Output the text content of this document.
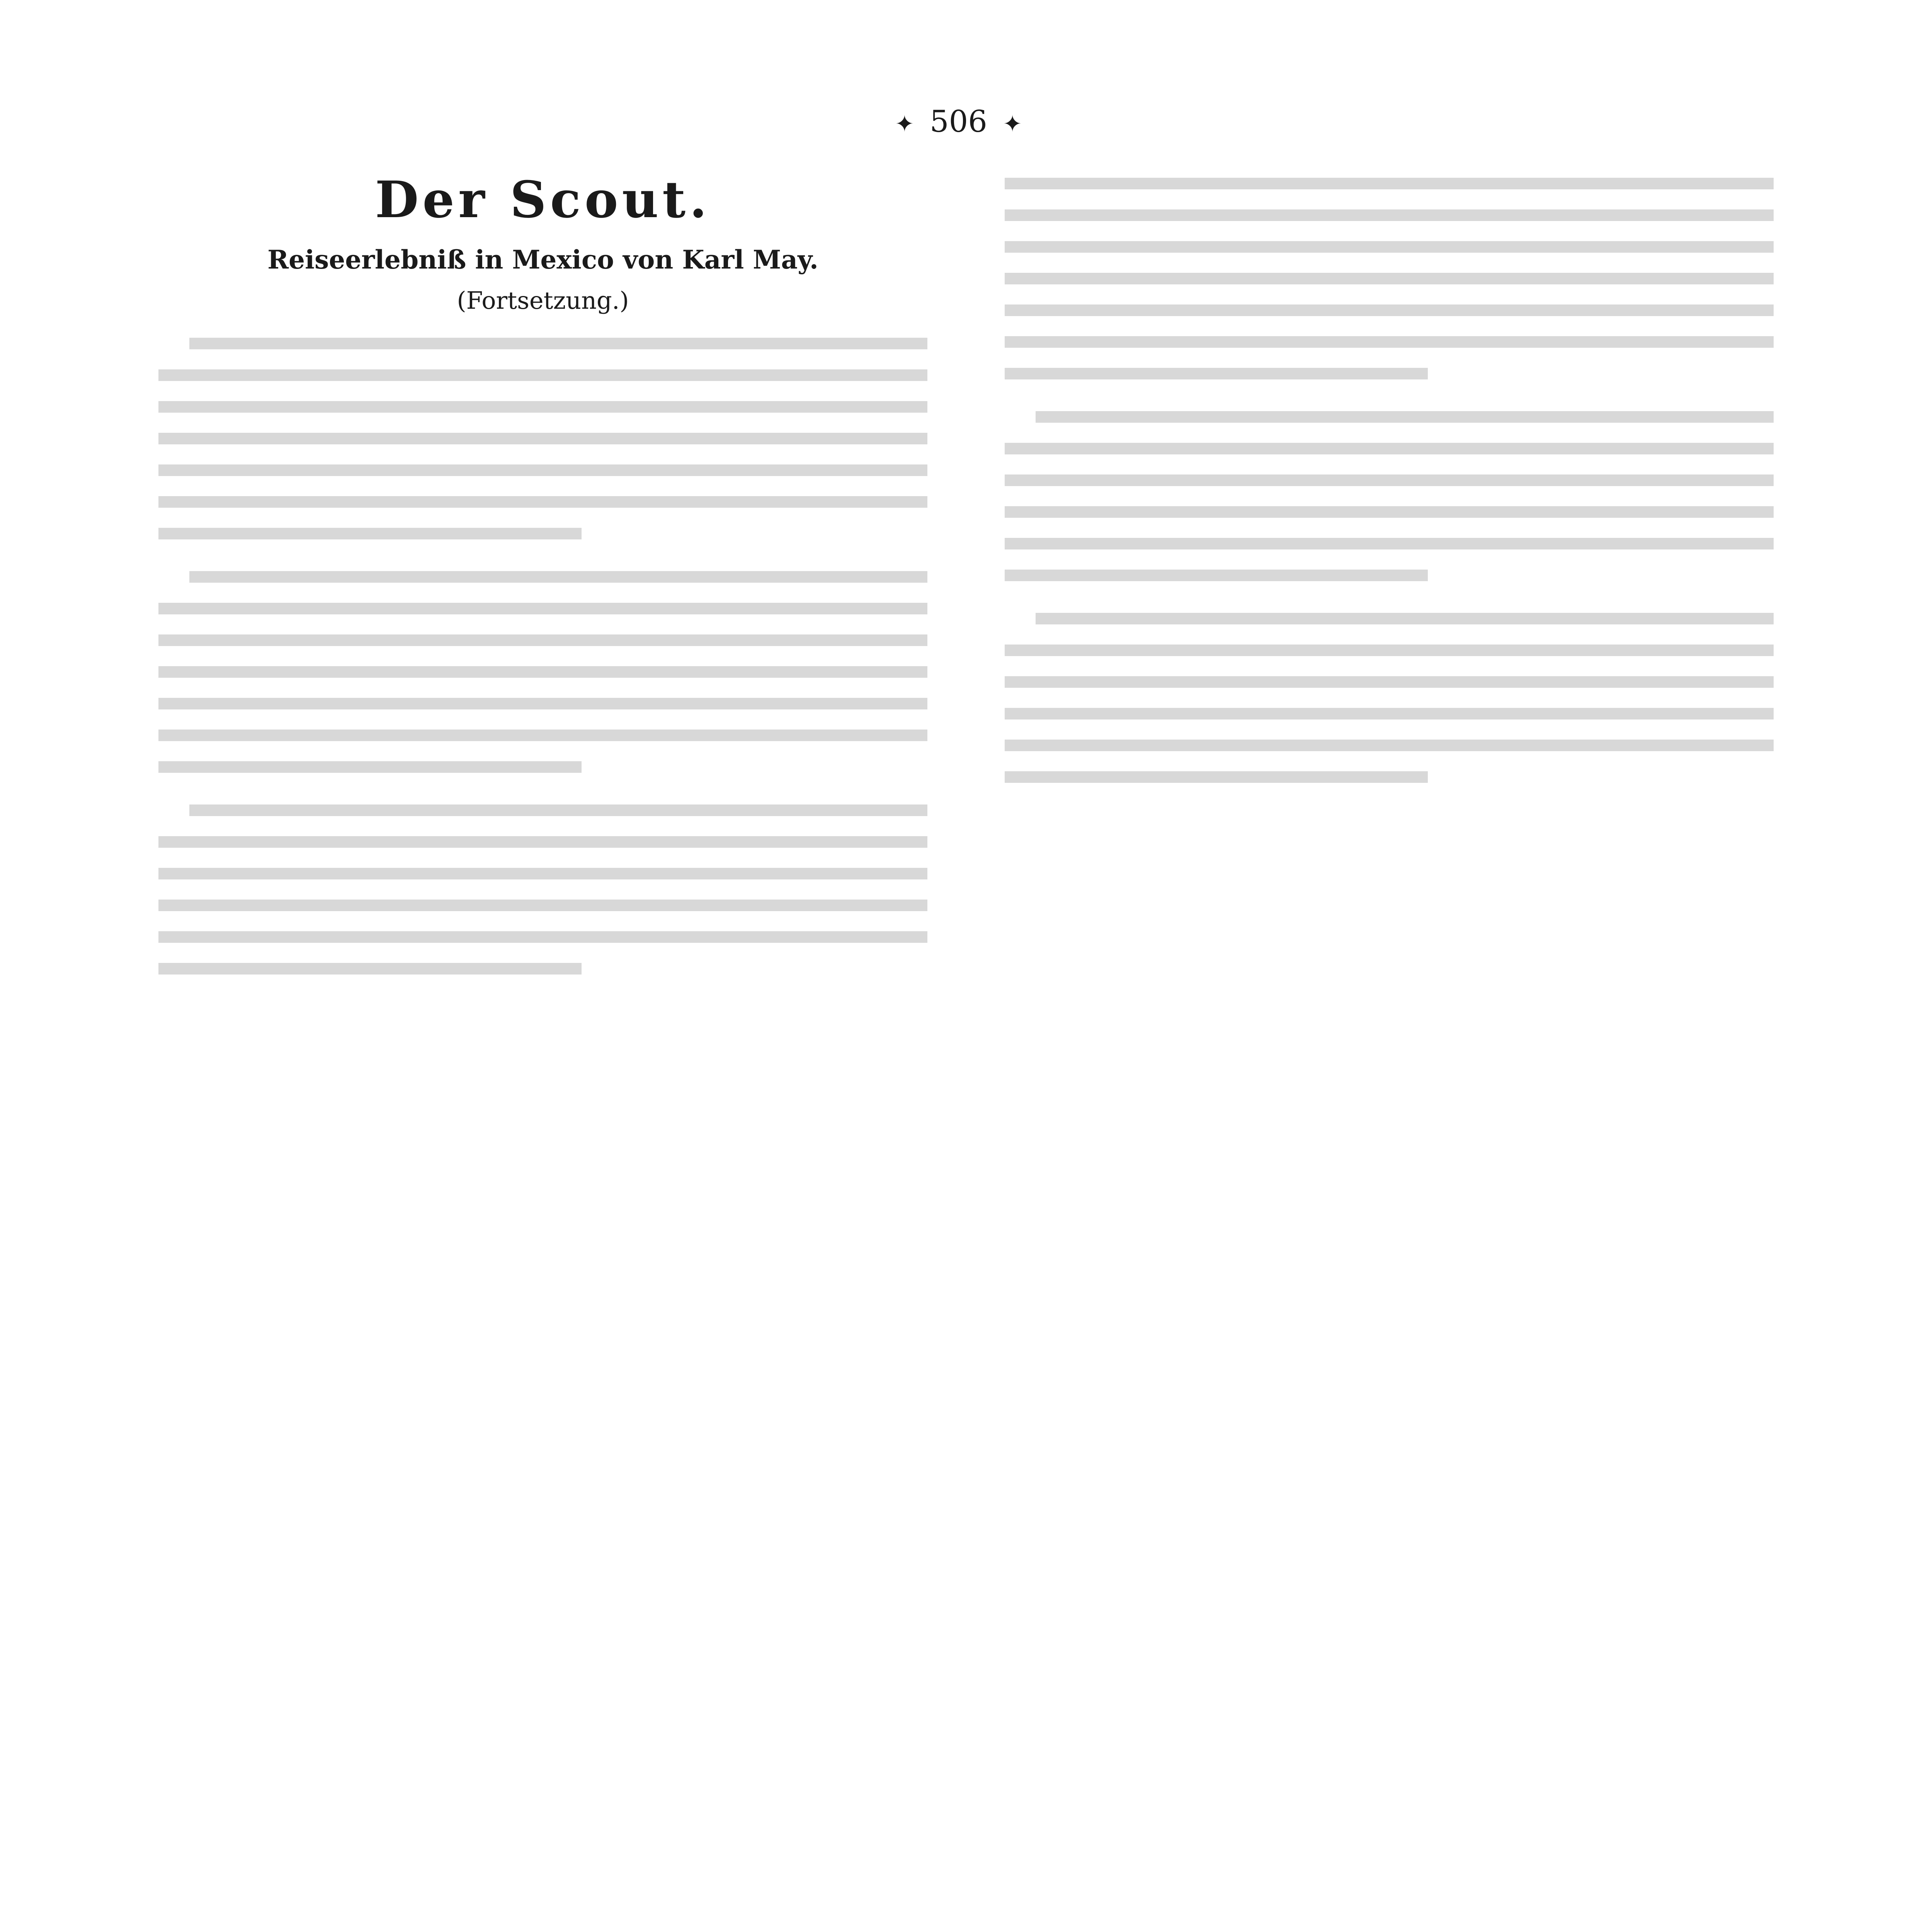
✦ 506 ✦
Der Scout.
Reiseerlebniß in Mexico von Karl May.
(Fortsetzung.)
